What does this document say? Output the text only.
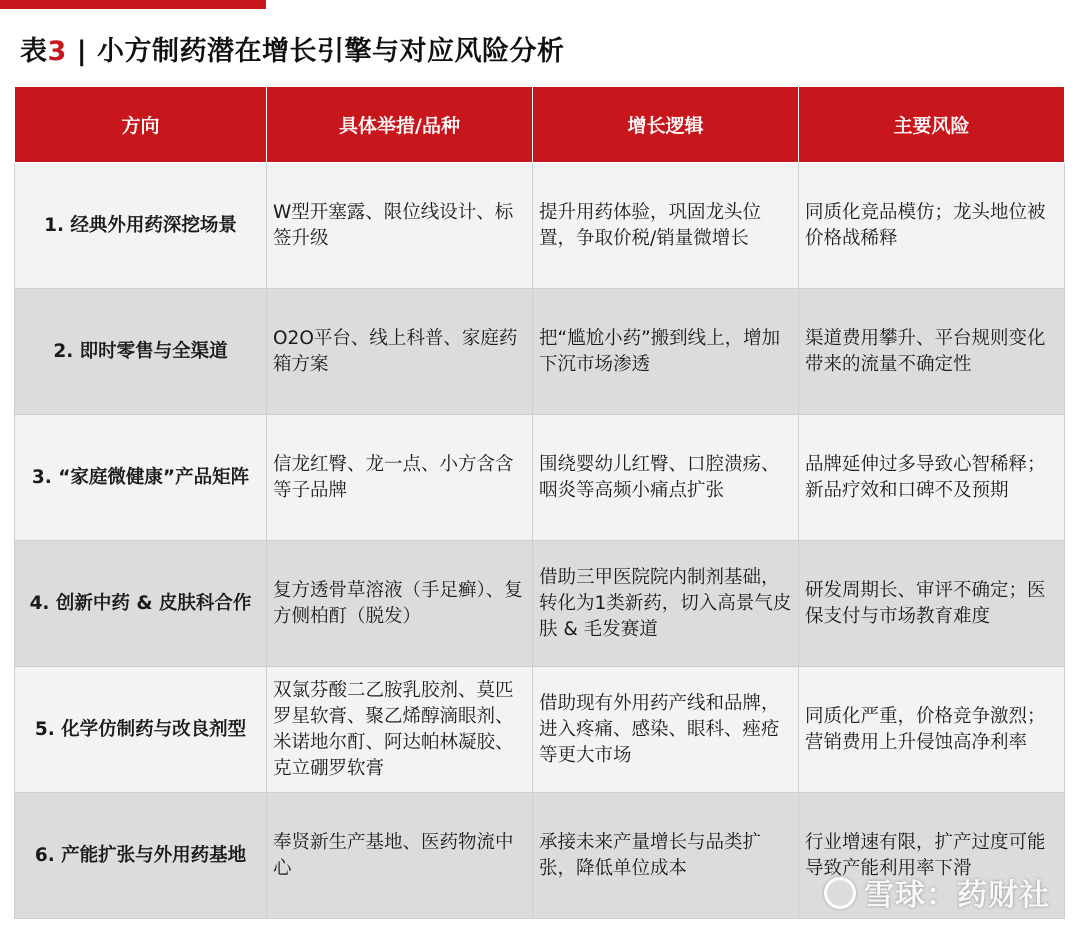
表3 | 小方制药潜在增长引擎与对应风险分析
方向	具体举措/品种	增长逻辑	主要风险
1. 经典外用药深挖场景	W型开塞露、限位线设计、标签升级	提升用药体验，巩固龙头位置，争取价税/销量微增长	同质化竞品模仿；龙头地位被价格战稀释
2. 即时零售与全渠道	O2O平台、线上科普、家庭药箱方案	把“尴尬小药”搬到线上，增加下沉市场渗透	渠道费用攀升、平台规则变化带来的流量不确定性
3. “家庭微健康”产品矩阵	信龙红臀、龙一点、小方含含等子品牌	围绕婴幼儿红臀、口腔溃疡、咽炎等高频小痛点扩张	品牌延伸过多导致心智稀释；新品疗效和口碑不及预期
4. 创新中药 & 皮肤科合作	复方透骨草溶液（手足癣）、复方侧柏酊（脱发）	借助三甲医院院内制剂基础，转化为1类新药，切入高景气皮肤 & 毛发赛道	研发周期长、审评不确定；医保支付与市场教育难度
5. 化学仿制药与改良剂型	双氯芬酸二乙胺乳胶剂、莫匹罗星软膏、聚乙烯醇滴眼剂、米诺地尔酊、阿达帕林凝胶、克立硼罗软膏	借助现有外用药产线和品牌，进入疼痛、感染、眼科、痤疮等更大市场	同质化严重，价格竞争激烈；营销费用上升侵蚀高净利率
6. 产能扩张与外用药基地	奉贤新生产基地、医药物流中心	承接未来产量增长与品类扩张，降低单位成本	行业增速有限，扩产过度可能导致产能利用率下滑
雪球：药财社
